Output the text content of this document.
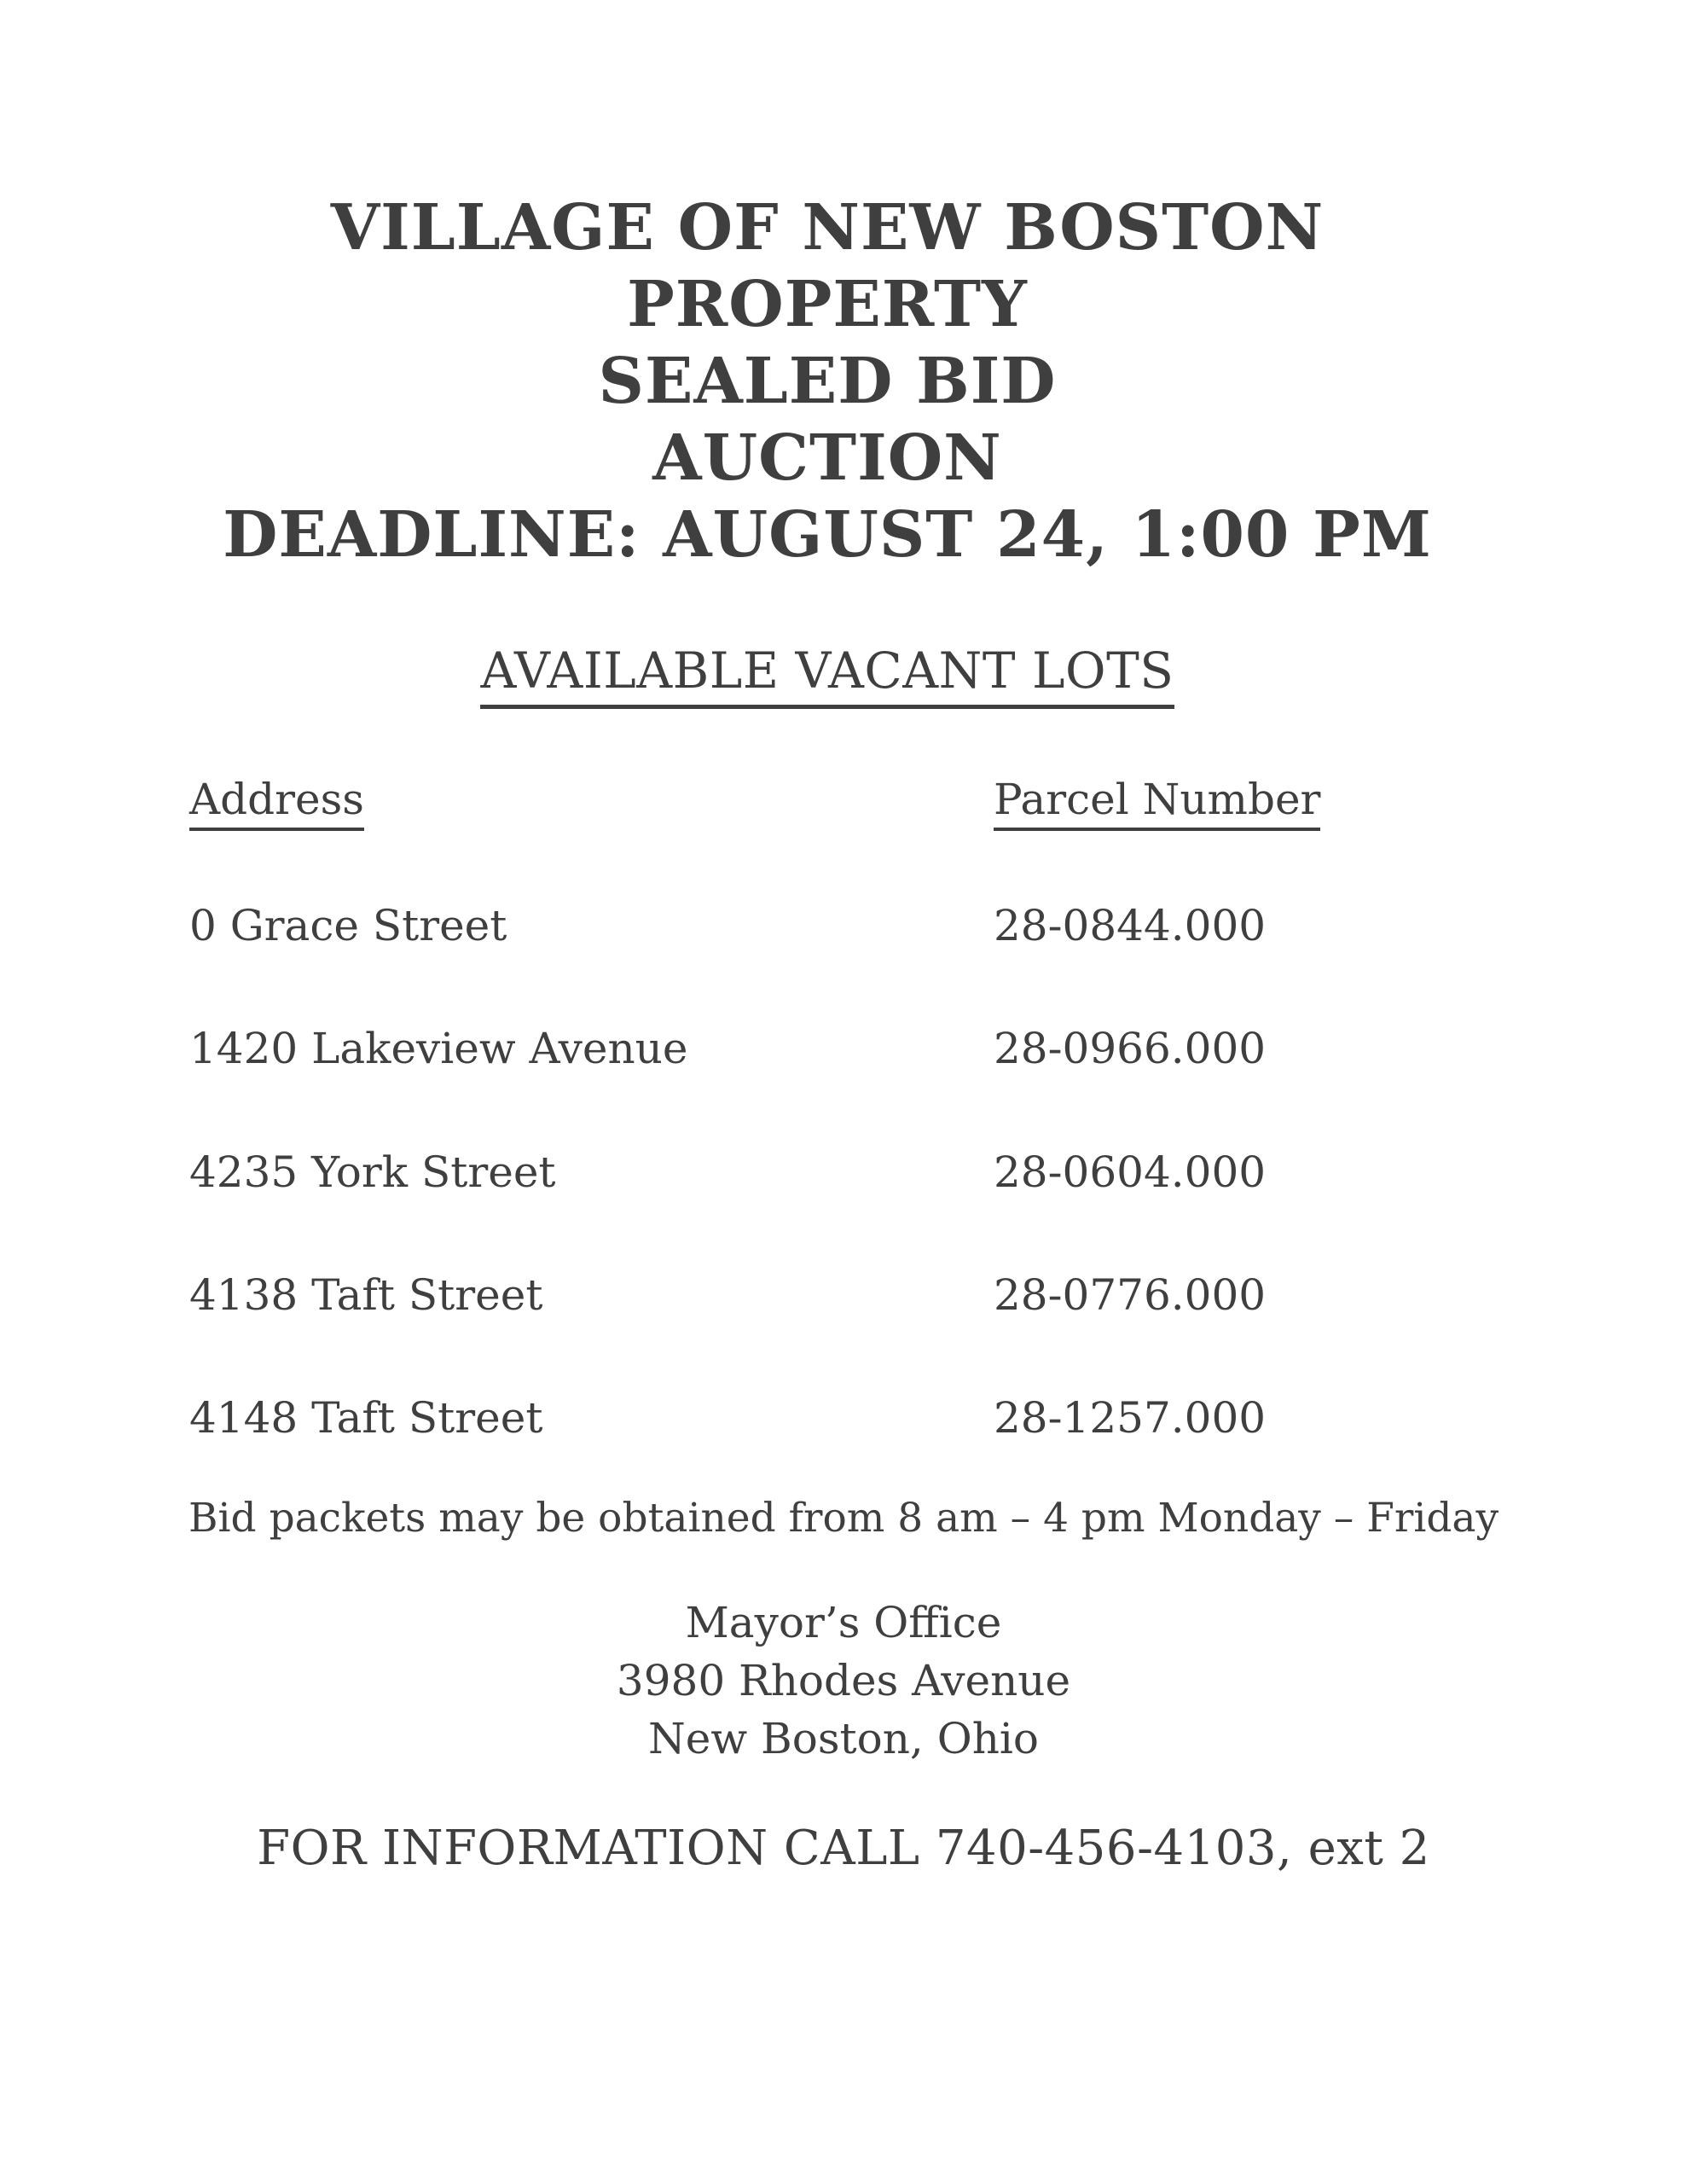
VILLAGE OF NEW BOSTON
PROPERTY
SEALED BID
AUCTION
DEADLINE: AUGUST 24, 1:00 PM
AVAILABLE VACANT LOTS
Address	Parcel Number
0 Grace Street	28-0844.000
1420 Lakeview Avenue	28-0966.000
4235 York Street	28-0604.000
4138 Taft Street	28-0776.000
4148 Taft Street	28-1257.000
Bid packets may be obtained from 8 am – 4 pm Monday – Friday
Mayor’s Office
3980 Rhodes Avenue
New Boston, Ohio
FOR INFORMATION CALL 740-456-4103, ext 2
